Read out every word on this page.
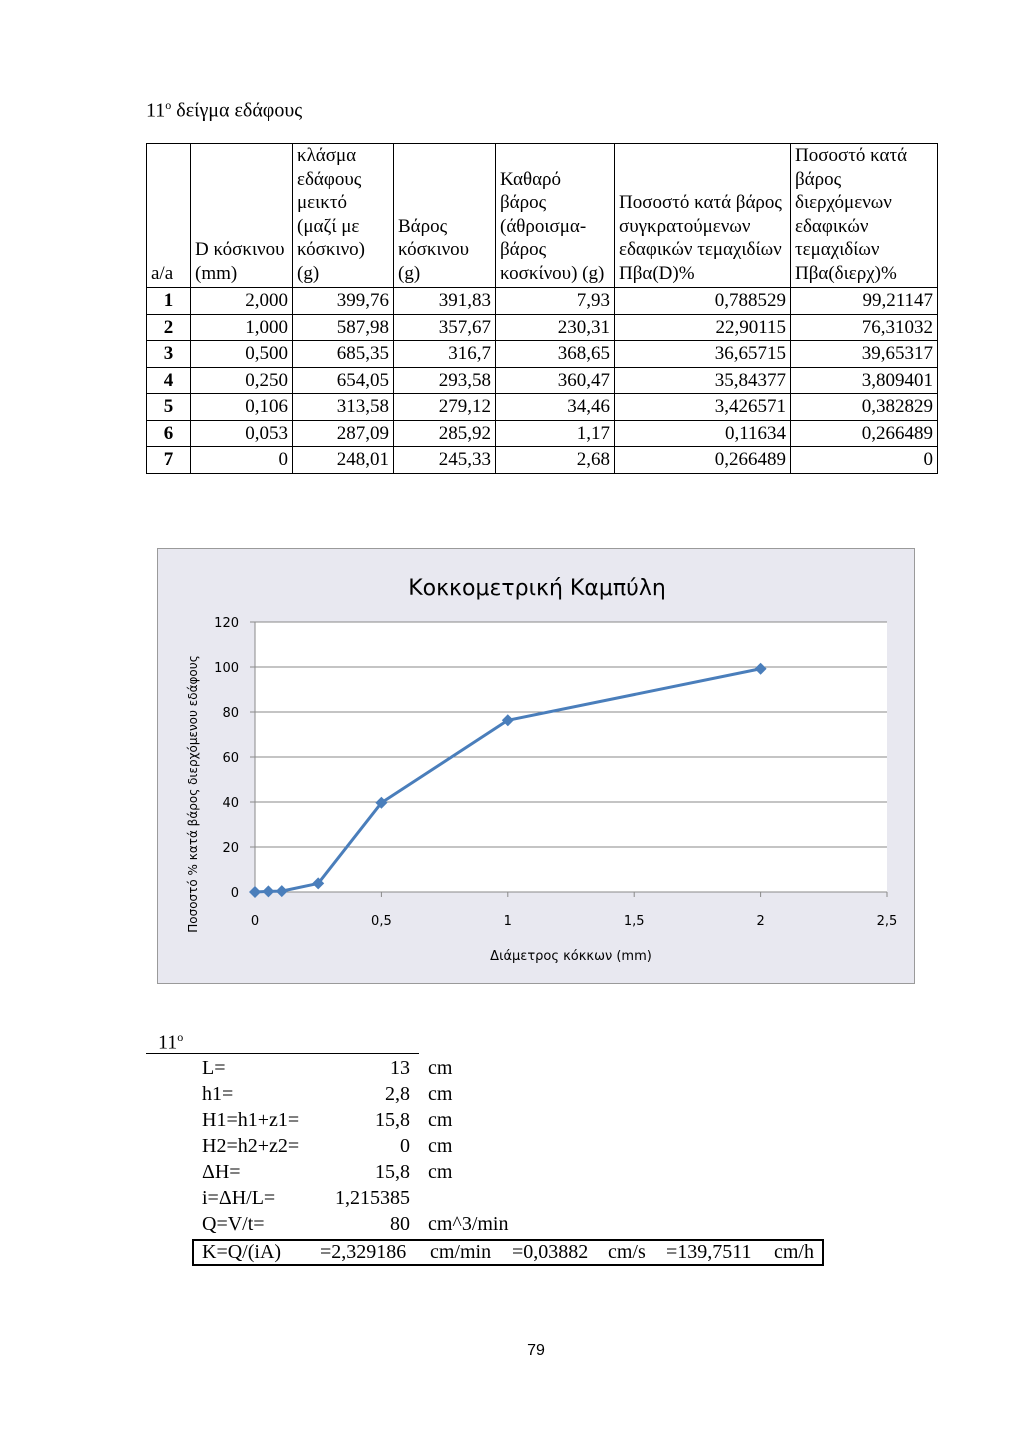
$11^o$ δείγμα εδάφους
a/a	D κόσκινου (mm)	κλάσμα εδάφους μεικτό (μαζί με κόσκινο) (g)	Βάρος κόσκινου (g)	Καθαρό βάρος (άθροισμα-βάρος κοσκίνου) (g)	Ποσοστό κατά βάρος συγκρατούμενων εδαφικών τεμαχιδίων Πβα(D)%	Ποσοστό κατά βάρος διερχόμενων εδαφικών τεμαχιδίων Πβα(διερχ)%
1	2,000	399,76	391,83	7,93	0,788529	99,21147
2	1,000	587,98	357,67	230,31	22,90115	76,31032
3	0,500	685,35	316,7	368,65	36,65715	39,65317
4	0,250	654,05	293,58	360,47	35,84377	3,809401
5	0,106	313,58	279,12	34,46	3,426571	0,382829
6	0,053	287,09	285,92	1,17	0,11634	0,266489
7	0	248,01	245,33	2,68	0,266489	0
0
20
40
60
80
100
120
0	0,5	1	1,5	2	2,5
Κοκκομετρική Καμπύλη
Διάμετρος κόκκων (mm)
Ποσοστό % κατά βάρος διερχόμενου εδάφους
$11^o$
L=	13 cm
h1=	2,8 cm
H1=h1+z1=	15,8 cm
H2=h2+z2=	0 cm
ΔH=	15,8 cm
i=ΔH/L=	1,215385
Q=V/t=	80 cm^3/min
K=Q/(iA) =2,329186 cm/min =0,03882 cm/s =139,7511 cm/h
79
